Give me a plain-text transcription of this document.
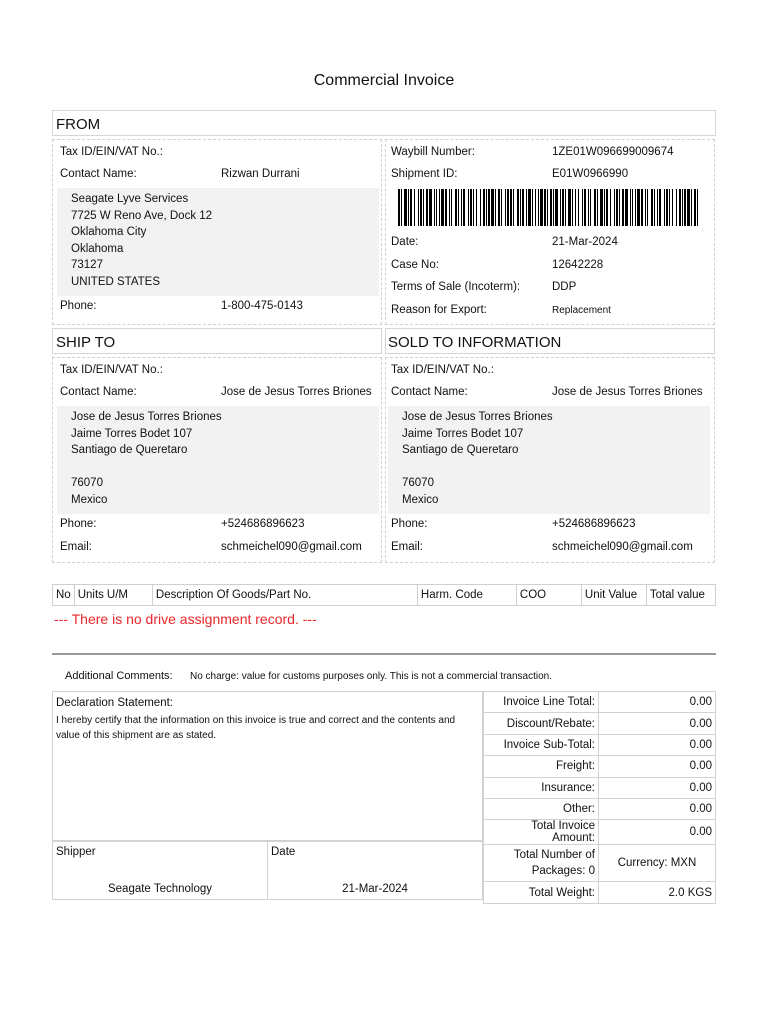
Commercial Invoice
FROM
Tax ID/EIN/VAT No.:
Contact Name:	Rizwan Durrani
Seagate Lyve Services
7725 W Reno Ave, Dock 12
Oklahoma City
Oklahoma
73127
UNITED STATES
Phone:	1-800-475-0143
Waybill Number:	1ZE01W096699009674
Shipment ID:	E01W0966990
Date:	21-Mar-2024
Case No:	12642228
Terms of Sale (Incoterm):	DDP
Reason for Export:	Replacement
SHIP TO	SOLD TO INFORMATION
Tax ID/EIN/VAT No.:
Contact Name:	Jose de Jesus Torres Briones
Jose de Jesus Torres Briones
Jaime Torres Bodet 107
Santiago de Queretaro
76070
Mexico
Phone:	+524686896623
Email:	schmeichel090@gmail.com
Tax ID/EIN/VAT No.:
Contact Name:	Jose de Jesus Torres Briones
Jose de Jesus Torres Briones
Jaime Torres Bodet 107
Santiago de Queretaro
76070
Mexico
Phone:	+524686896623
Email:	schmeichel090@gmail.com
No	Units	U/M	Description Of Goods/Part No.	Harm. Code	COO	Unit Value	Total value
--- There is no drive assignment record. ---
Additional Comments: No charge: value for customs purposes only. This is not a commercial transaction.
Declaration Statement:
I hereby certify that the information on this invoice is true and correct and the contents and value of this shipment are as stated.
Invoice Line Total:	0.00
Discount/Rebate:	0.00
Invoice Sub-Total:	0.00
Freight:	0.00
Insurance:	0.00
Other:	0.00
Total Invoice Amount:	0.00
Total Number of Packages: 0	Currency: MXN
Total Weight:	2.0 KGS
Shipper
Seagate Technology
Date
21-Mar-2024
